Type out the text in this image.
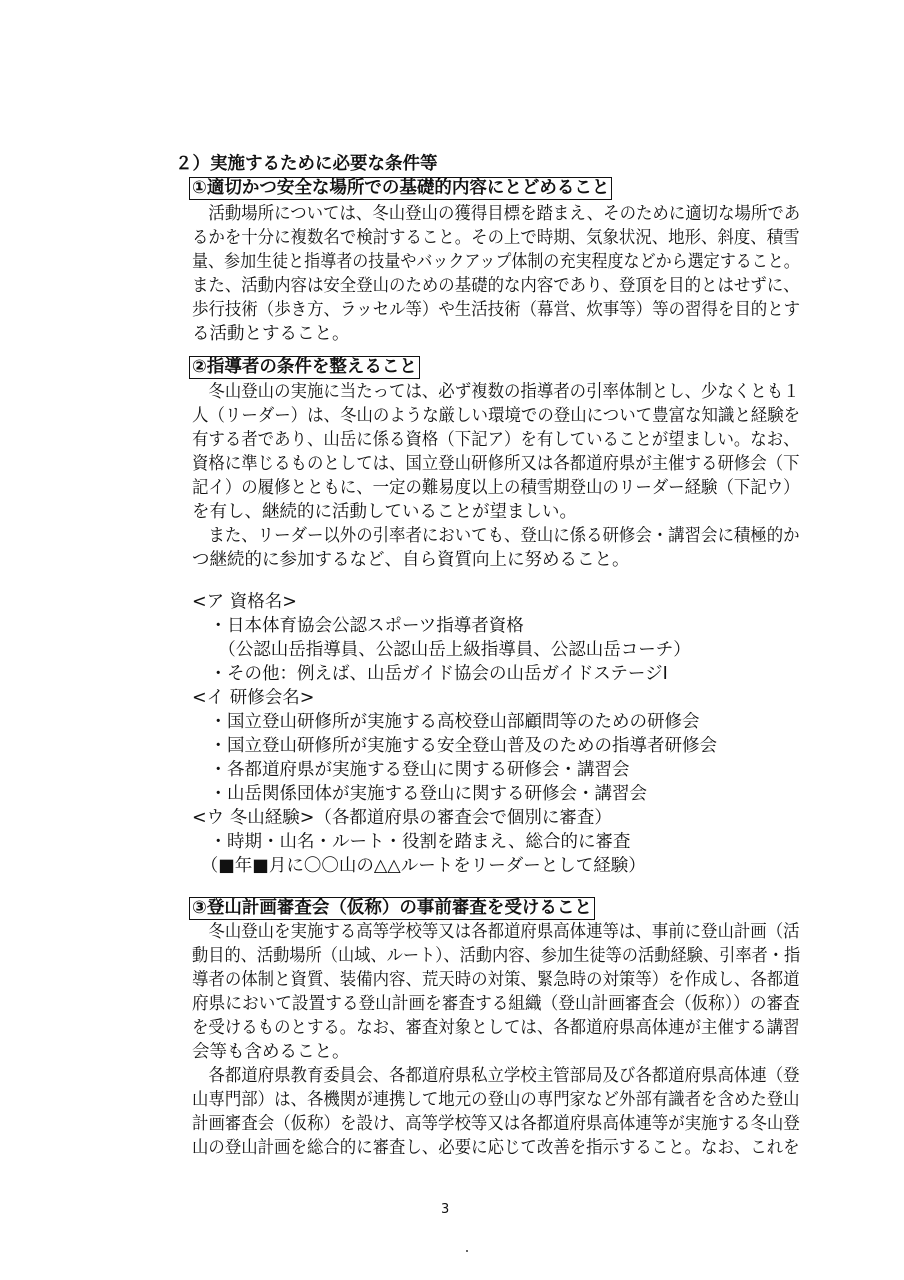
２）実施するために必要な条件等
①適切かつ安全な場所での基礎的内容にとどめること
　活動場所については、冬山登山の獲得目標を踏まえ、そのために適切な場所であ
るかを十分に複数名で検討すること。その上で時期、気象状況、地形、斜度、積雪
量、参加生徒と指導者の技量やバックアップ体制の充実程度などから選定すること。
また、活動内容は安全登山のための基礎的な内容であり、登頂を目的とはせずに、
歩行技術（歩き方、ラッセル等）や生活技術（幕営、炊事等）等の習得を目的とす
る活動とすること。
②指導者の条件を整えること
　冬山登山の実施に当たっては、必ず複数の指導者の引率体制とし、少なくとも１
人（リーダー）は、冬山のような厳しい環境での登山について豊富な知識と経験を
有する者であり、山岳に係る資格（下記ア）を有していることが望ましい。なお、
資格に準じるものとしては、国立登山研修所又は各都道府県が主催する研修会（下
記イ）の履修とともに、一定の難易度以上の積雪期登山のリーダー経験（下記ウ）
を有し、継続的に活動していることが望ましい。
　また、リーダー以外の引率者においても、登山に係る研修会・講習会に積極的か
つ継続的に参加するなど、自ら資質向上に努めること。
<ア 資格名>
　・日本体育協会公認スポーツ指導者資格
　　（公認山岳指導員、公認山岳上級指導員、公認山岳コーチ）
　・その他：例えば、山岳ガイド協会の山岳ガイドステージⅠ
<イ 研修会名>
　・国立登山研修所が実施する高校登山部顧問等のための研修会
　・国立登山研修所が実施する安全登山普及のための指導者研修会
　・各都道府県が実施する登山に関する研修会・講習会
　・山岳関係団体が実施する登山に関する研修会・講習会
<ウ 冬山経験>（各都道府県の審査会で個別に審査）
　・時期・山名・ルート・役割を踏まえ、総合的に審査
　（■年■月に〇〇山の△△ルートをリーダーとして経験）
③登山計画審査会（仮称）の事前審査を受けること
　冬山登山を実施する高等学校等又は各都道府県高体連等は、事前に登山計画（活
動目的、活動場所（山域、ルート）、活動内容、参加生徒等の活動経験、引率者・指
導者の体制と資質、装備内容、荒天時の対策、緊急時の対策等）を作成し、各都道
府県において設置する登山計画を審査する組織（登山計画審査会（仮称））の審査
を受けるものとする。なお、審査対象としては、各都道府県高体連が主催する講習
会等も含めること。
　各都道府県教育委員会、各都道府県私立学校主管部局及び各都道府県高体連（登
山専門部）は、各機関が連携して地元の登山の専門家など外部有識者を含めた登山
計画審査会（仮称）を設け、高等学校等又は各都道府県高体連等が実施する冬山登
山の登山計画を総合的に審査し、必要に応じて改善を指示すること。なお、これを
3
